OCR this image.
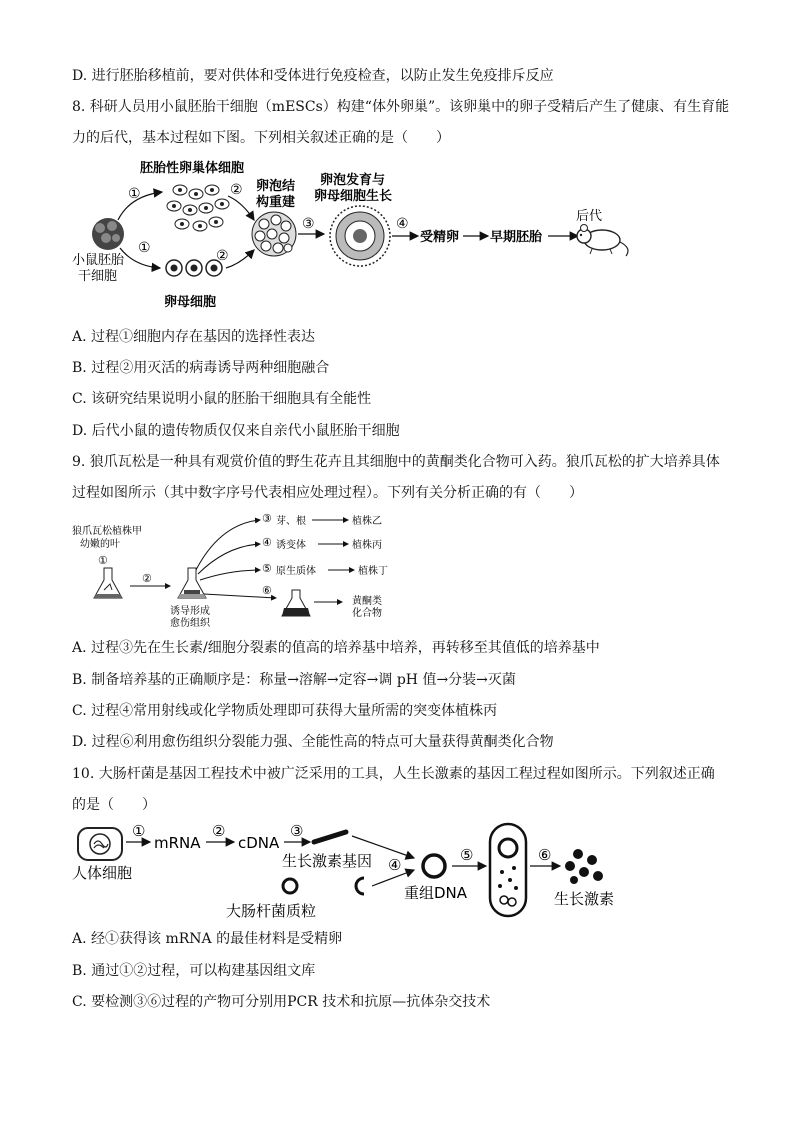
D. 进行胚胎移植前，要对供体和受体进行免疫检查，以防止发生免疫排斥反应
8. 科研人员用小鼠胚胎干细胞（mESCs）构建“体外卵巢”。该卵巢中的卵子受精后产生了健康、有生育能
力的后代，基本过程如下图。下列相关叙述正确的是（　　）
小鼠胚胎
干细胞
胚胎性卵巢体细胞
卵母细胞
①
①
②
②
卵泡结
构重建
③
卵泡发育与
卵母细胞生长
④
受精卵 早期胚胎
后代
A. 过程①细胞内存在基因的选择性表达
B. 过程②用灭活的病毒诱导两种细胞融合
C. 该研究结果说明小鼠的胚胎干细胞具有全能性
D. 后代小鼠的遗传物质仅仅来自亲代小鼠胚胎干细胞
9. 狼爪瓦松是一种具有观赏价值的野生花卉且其细胞中的黄酮类化合物可入药。狼爪瓦松的扩大培养具体
过程如图所示（其中数字序号代表相应处理过程）。下列有关分析正确的有（　　）
狼爪瓦松植株甲
幼嫩的叶
①
②
诱导形成
愈伤组织
③ 芽、根	植株乙
④ 诱变体	植株丙
⑤ 原生质体	植株丁
⑥
黄酮类
化合物
A. 过程③先在生长素/细胞分裂素的值高的培养基中培养，再转移至其值低的培养基中
B. 制备培养基的正确顺序是：称量→溶解→定容→调 pH 值→分装→灭菌
C. 过程④常用射线或化学物质处理即可获得大量所需的突变体植株丙
D. 过程⑥利用愈伤组织分裂能力强、全能性高的特点可大量获得黄酮类化合物
10. 大肠杆菌是基因工程技术中被广泛采用的工具，人生长激素的基因工程过程如图所示。下列叙述正确
的是（　　）
人体细胞
①
mRNA
②
cDNA
③
生长激素基因
大肠杆菌质粒
④
重组DNA
⑤	⑥
生长激素
A. 经①获得该 mRNA 的最佳材料是受精卵
B. 通过①②过程，可以构建基因组文库
C. 要检测③⑥过程的产物可分别用PCR 技术和抗原—抗体杂交技术
